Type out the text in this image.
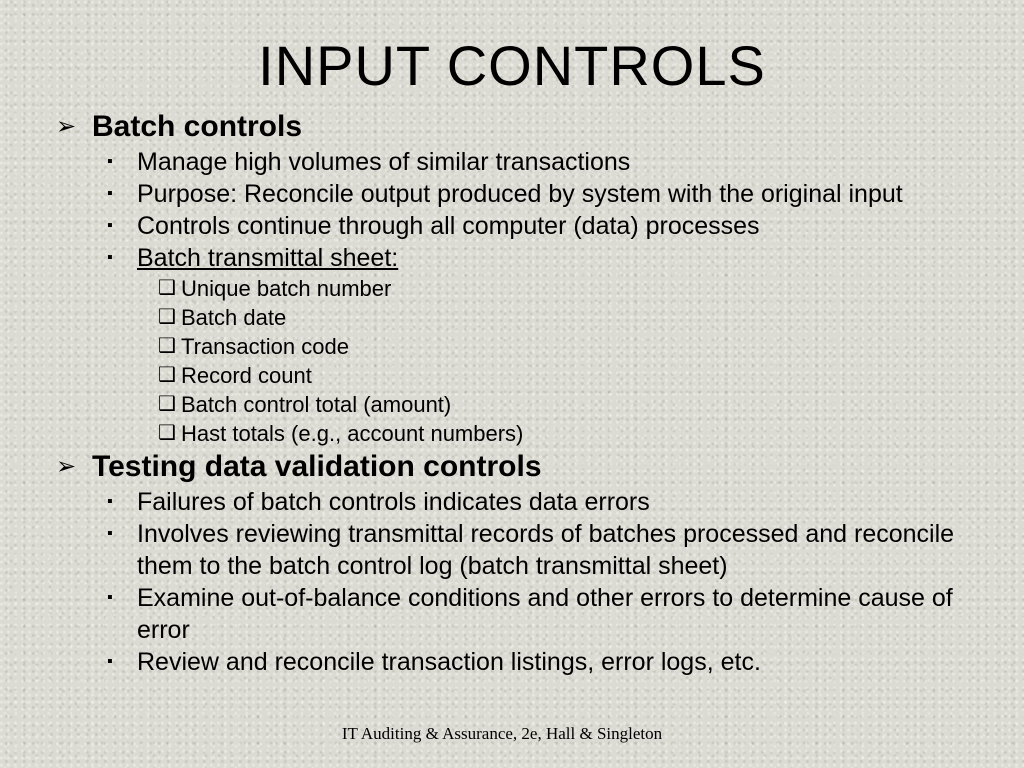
INPUT CONTROLS
➢ Batch controls
▪ Manage high volumes of similar transactions
▪ Purpose: Reconcile output produced by system with the original input
▪ Controls continue through all computer (data) processes
▪ Batch transmittal sheet:
❑ Unique batch number
❑ Batch date
❑ Transaction code
❑ Record count
❑ Batch control total (amount)
❑ Hast totals (e.g., account numbers)
➢ Testing data validation controls
▪ Failures of batch controls indicates data errors
▪ Involves reviewing transmittal records of batches processed and reconcile them to the batch control log (batch transmittal sheet)
▪ Examine out-of-balance conditions and other errors to determine cause of error
▪ Review and reconcile transaction listings, error logs, etc.
IT Auditing & Assurance, 2e, Hall & Singleton
